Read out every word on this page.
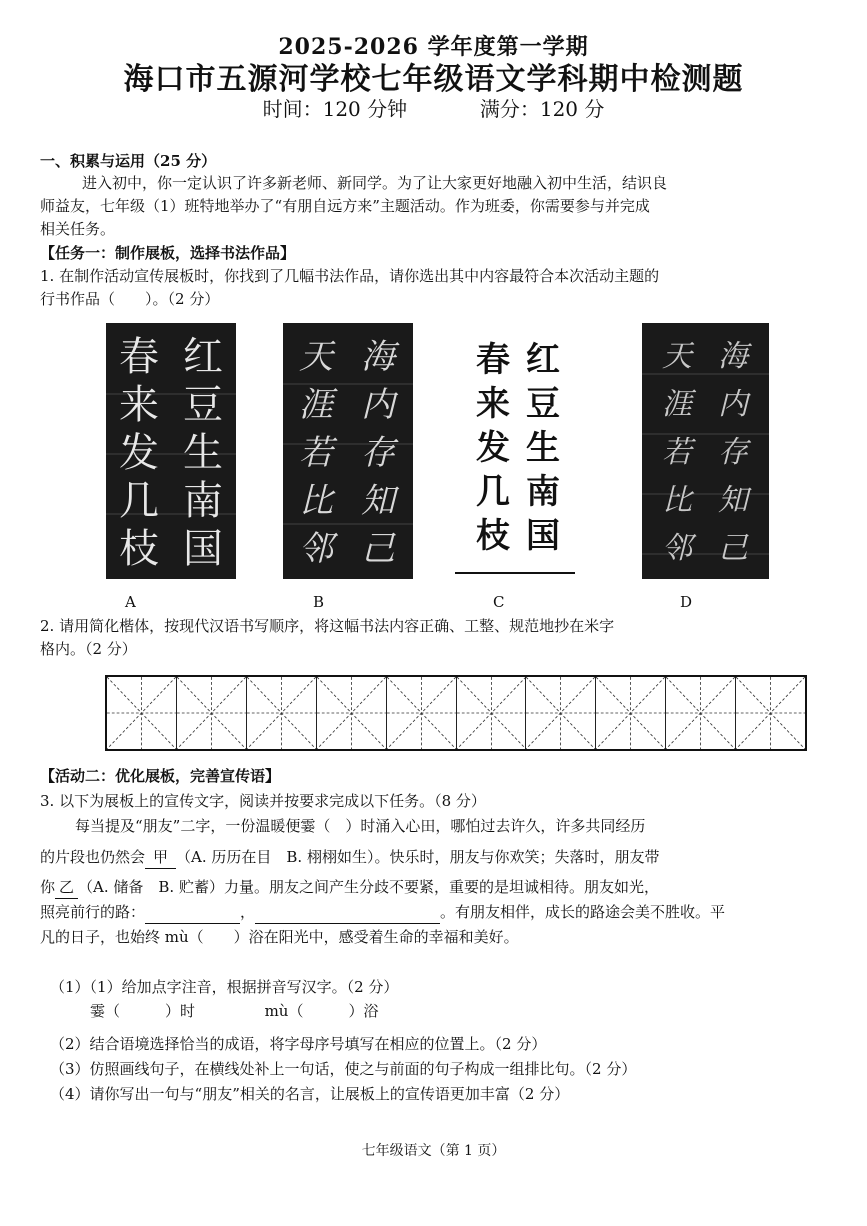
2025-2026 学年度第一学期
海口市五源河学校七年级语文学科期中检测题
时间：120 分钟	满分：120 分
一、积累与运用（25 分）
进入初中，你一定认识了许多新老师、新同学。为了让大家更好地融入初中生活，结识良
师益友，七年级（1）班特地举办了“有朋自远方来”主题活动。作为班委，你需要参与并完成
相关任务。
【任务一：制作展板，选择书法作品】
1. 在制作活动宣传展板时，你找到了几幅书法作品，请你选出其中内容最符合本次活动主题的
行书作品（　　）。（2 分）
春
来
发
几
枝
红
豆
生
南
国
天
涯
若
比
邻
海
内
存
知
己
春
来
发
几
枝
红
豆
生
南
国
天
涯
若
比
邻
海
内
存
知
己
A	B	C	D
2. 请用简化楷体，按现代汉语书写顺序，将这幅书法内容正确、工整、规范地抄在米字
格内。（2 分）
【活动二：优化展板，完善宣传语】
3. 以下为展板上的宣传文字，阅读并按要求完成以下任务。（8 分）
每当提及“朋友”二字，一份温暖便霎（　）时涌入心田，哪怕过去许久，许多共同经历
的片段也仍然会 甲 （A. 历历在目　B. 栩栩如生）。快乐时，朋友与你欢笑；失落时，朋友带
你 乙 （A. 储备　B. 贮蓄）力量。朋友之间产生分歧不要紧，重要的是坦诚相待。朋友如光，
照亮前行的路：	，	。有朋友相伴，成长的路途会美不胜收。平
凡的日子，也始终 mù（　　）浴在阳光中，感受着生命的幸福和美好。
（1）（1）给加点字注音，根据拼音写汉字。（2 分）
霎（　　　）时	mù（　　　）浴
（2）结合语境选择恰当的成语，将字母序号填写在相应的位置上。（2 分）
（3）仿照画线句子，在横线处补上一句话，使之与前面的句子构成一组排比句。（2 分）
（4）请你写出一句与“朋友”相关的名言，让展板上的宣传语更加丰富（2 分）
七年级语文（第 1 页）
